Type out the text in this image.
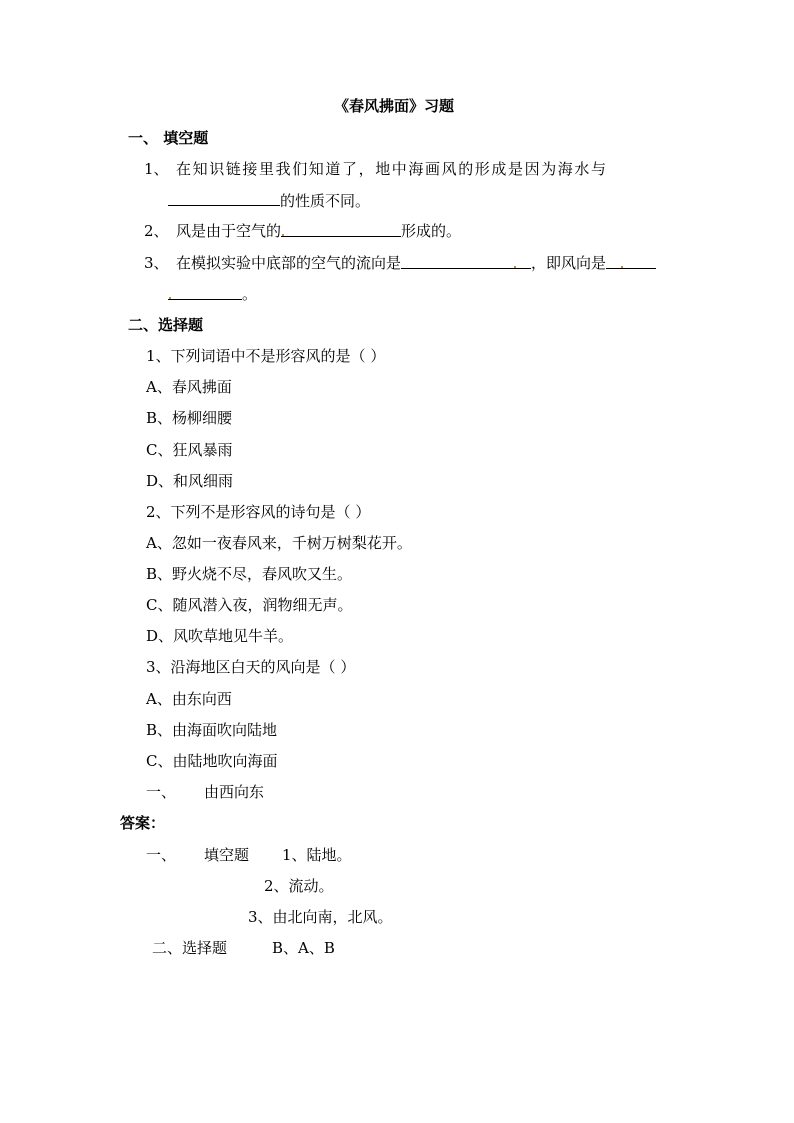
《春风拂面》习题
一、 填空题
1、 在知识链接里我们知道了，地中海画风的形成是因为海水与
的性质不同。
2、 风是由于空气的	形成的。
3、 在模拟实验中底部的空气的流向是	，即风向是
。
二、选择题
1、下列词语中不是形容风的是（ ）
A、春风拂面
B、杨柳细腰
C、狂风暴雨
D、和风细雨
2、下列不是形容风的诗句是（ ）
A、忽如一夜春风来，千树万树梨花开。
B、野火烧不尽，春风吹又生。
C、随风潜入夜，润物细无声。
D、风吹草地见牛羊。
3、沿海地区白天的风向是（ ）
A、由东向西
B、由海面吹向陆地
C、由陆地吹向海面
一、 由西向东
答案：
一、 填空题 1、陆地。
2、流动。
3、由北向南，北风。
二、选择题	B、A、B
